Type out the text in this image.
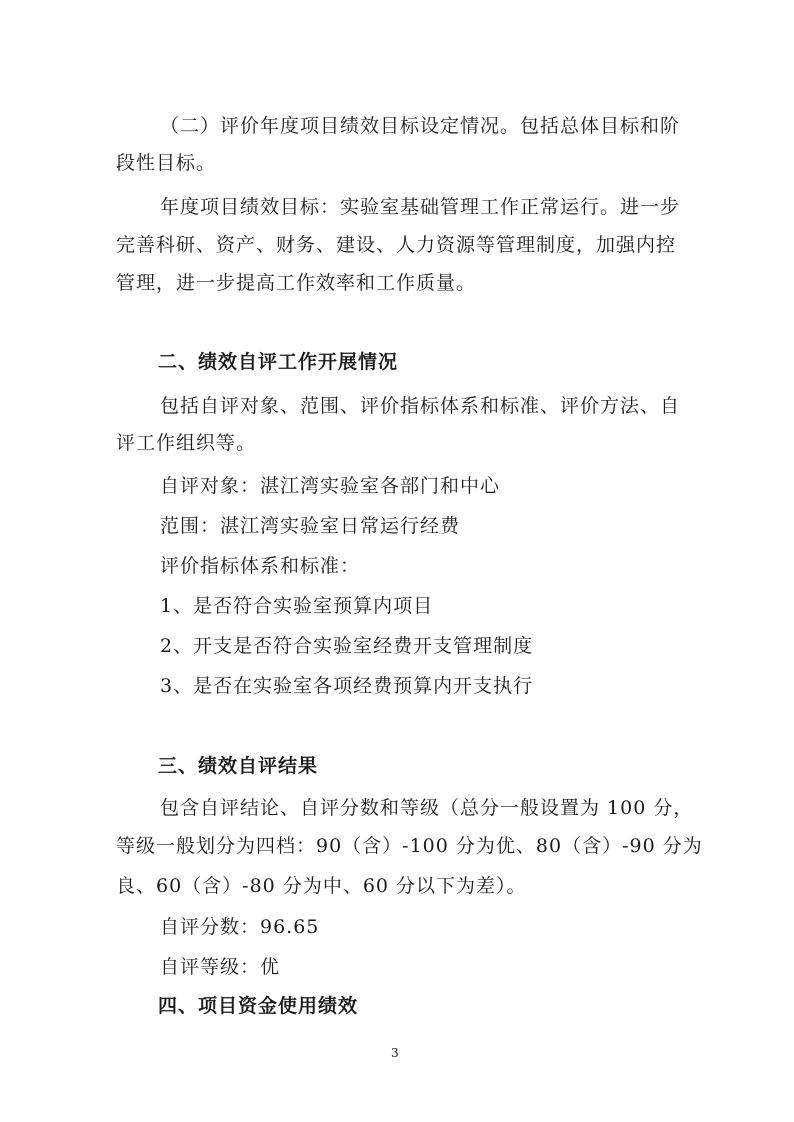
（二）评价年度项目绩效目标设定情况。包括总体目标和阶
段性目标。
年度项目绩效目标：实验室基础管理工作正常运行。进一步
完善科研、资产、财务、建设、人力资源等管理制度，加强内控
管理，进一步提高工作效率和工作质量。
二、绩效自评工作开展情况
包括自评对象、范围、评价指标体系和标准、评价方法、自
评工作组织等。
自评对象：湛江湾实验室各部门和中心
范围：湛江湾实验室日常运行经费
评价指标体系和标准：
1、是否符合实验室预算内项目
2、开支是否符合实验室经费开支管理制度
3、是否在实验室各项经费预算内开支执行
三、绩效自评结果
包含自评结论、自评分数和等级（总分一般设置为 100 分，
等级一般划分为四档：90（含）-100 分为优、80（含）-90 分为
良、60（含）-80 分为中、60 分以下为差）。
自评分数：96.65
自评等级：优
四、项目资金使用绩效
3
